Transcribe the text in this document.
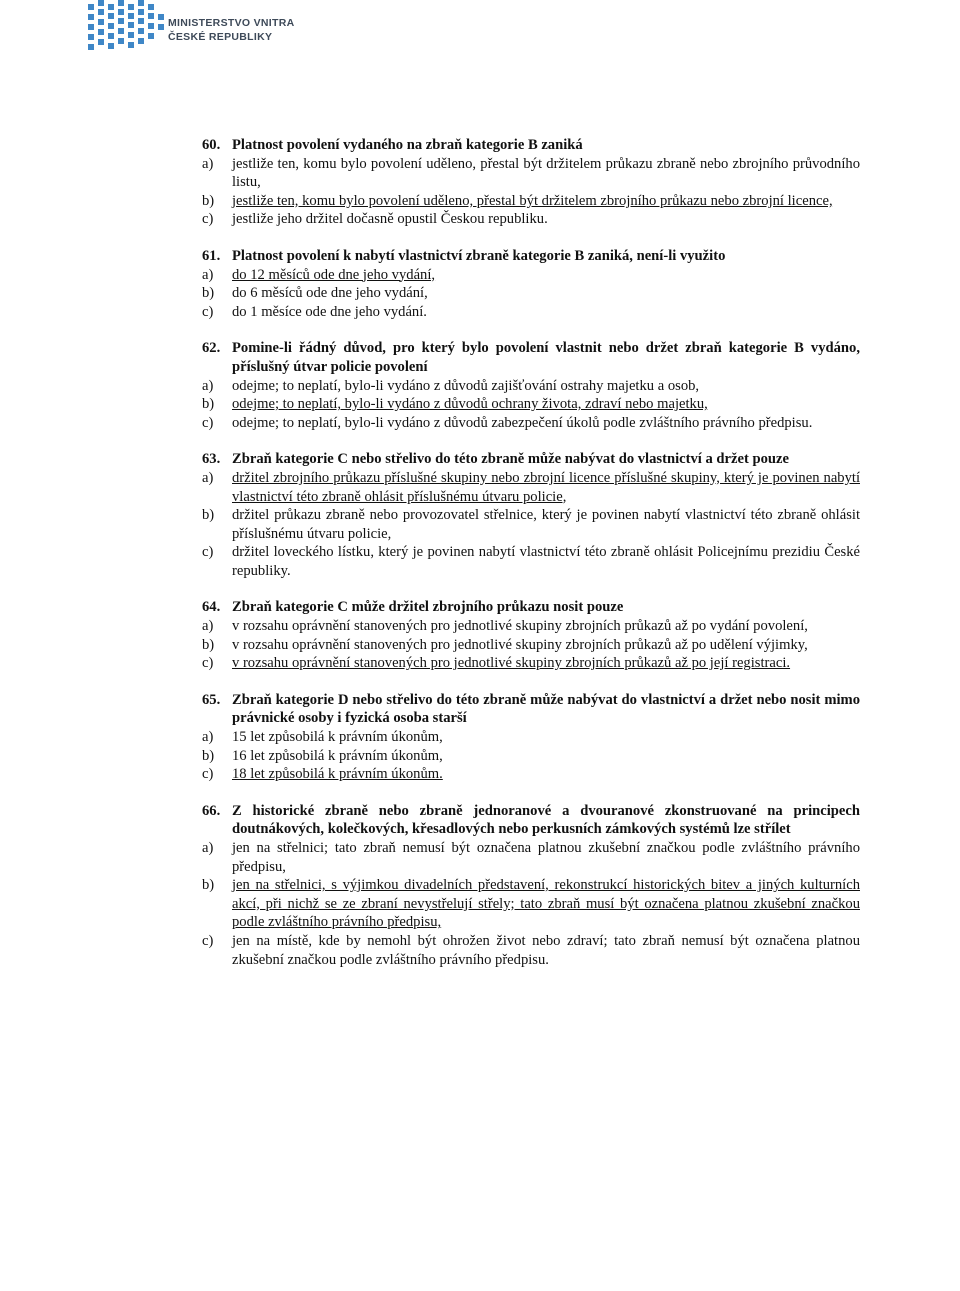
MINISTERSTVO VNITRA
ČESKÉ REPUBLIKY
60. Platnost povolení vydaného na zbraň kategorie B zaniká
a)	jestliže ten, komu bylo povolení uděleno, přestal být držitelem průkazu zbraně nebo zbrojního průvodního listu,
b)	jestliže ten, komu bylo povolení uděleno, přestal být držitelem zbrojního průkazu nebo zbrojní licence,
c)	jestliže jeho držitel dočasně opustil Českou republiku.
61. Platnost povolení k nabytí vlastnictví zbraně kategorie B zaniká, není-li využito
a)	do 12 měsíců ode dne jeho vydání,
b)	do 6 měsíců ode dne jeho vydání,
c)	do 1 měsíce ode dne jeho vydání.
62. Pomine-li řádný důvod, pro který bylo povolení vlastnit nebo držet zbraň kategorie B vydáno, příslušný útvar policie povolení
a)	odejme; to neplatí, bylo-li vydáno z důvodů zajišťování ostrahy majetku a osob,
b)	odejme; to neplatí, bylo-li vydáno z důvodů ochrany života, zdraví nebo majetku,
c)	odejme; to neplatí, bylo-li vydáno z důvodů zabezpečení úkolů podle zvláštního právního předpisu.
63. Zbraň kategorie C nebo střelivo do této zbraně může nabývat do vlastnictví a držet pouze
a)	držitel zbrojního průkazu příslušné skupiny nebo zbrojní licence příslušné skupiny, který je povinen nabytí vlastnictví této zbraně ohlásit příslušnému útvaru policie,
b)	držitel průkazu zbraně nebo provozovatel střelnice, který je povinen nabytí vlastnictví této zbraně ohlásit příslušnému útvaru policie,
c)	držitel loveckého lístku, který je povinen nabytí vlastnictví této zbraně ohlásit Policejnímu prezidiu České republiky.
64. Zbraň kategorie C může držitel zbrojního průkazu nosit pouze
a)	v rozsahu oprávnění stanovených pro jednotlivé skupiny zbrojních průkazů až po vydání povolení,
b)	v rozsahu oprávnění stanovených pro jednotlivé skupiny zbrojních průkazů až po udělení výjimky,
c)	v rozsahu oprávnění stanovených pro jednotlivé skupiny zbrojních průkazů až po její registraci.
65. Zbraň kategorie D nebo střelivo do této zbraně může nabývat do vlastnictví a držet nebo nosit mimo právnické osoby i fyzická osoba starší
a)	15 let způsobilá k právním úkonům,
b)	16 let způsobilá k právním úkonům,
c)	18 let způsobilá k právním úkonům.
66. Z historické zbraně nebo zbraně jednoranové a dvouranové zkonstruované na principech doutnákových, kolečkových, křesadlových nebo perkusních zámkových systémů lze střílet
a)	jen na střelnici; tato zbraň nemusí být označena platnou zkušební značkou podle zvláštního právního předpisu,
b)	jen na střelnici, s výjimkou divadelních představení, rekonstrukcí historických bitev a jiných kulturních akcí, při nichž se ze zbraní nevystřelují střely; tato zbraň musí být označena platnou zkušební značkou podle zvláštního právního předpisu,
c)	jen na místě, kde by nemohl být ohrožen život nebo zdraví; tato zbraň nemusí být označena platnou zkušební značkou podle zvláštního právního předpisu.
